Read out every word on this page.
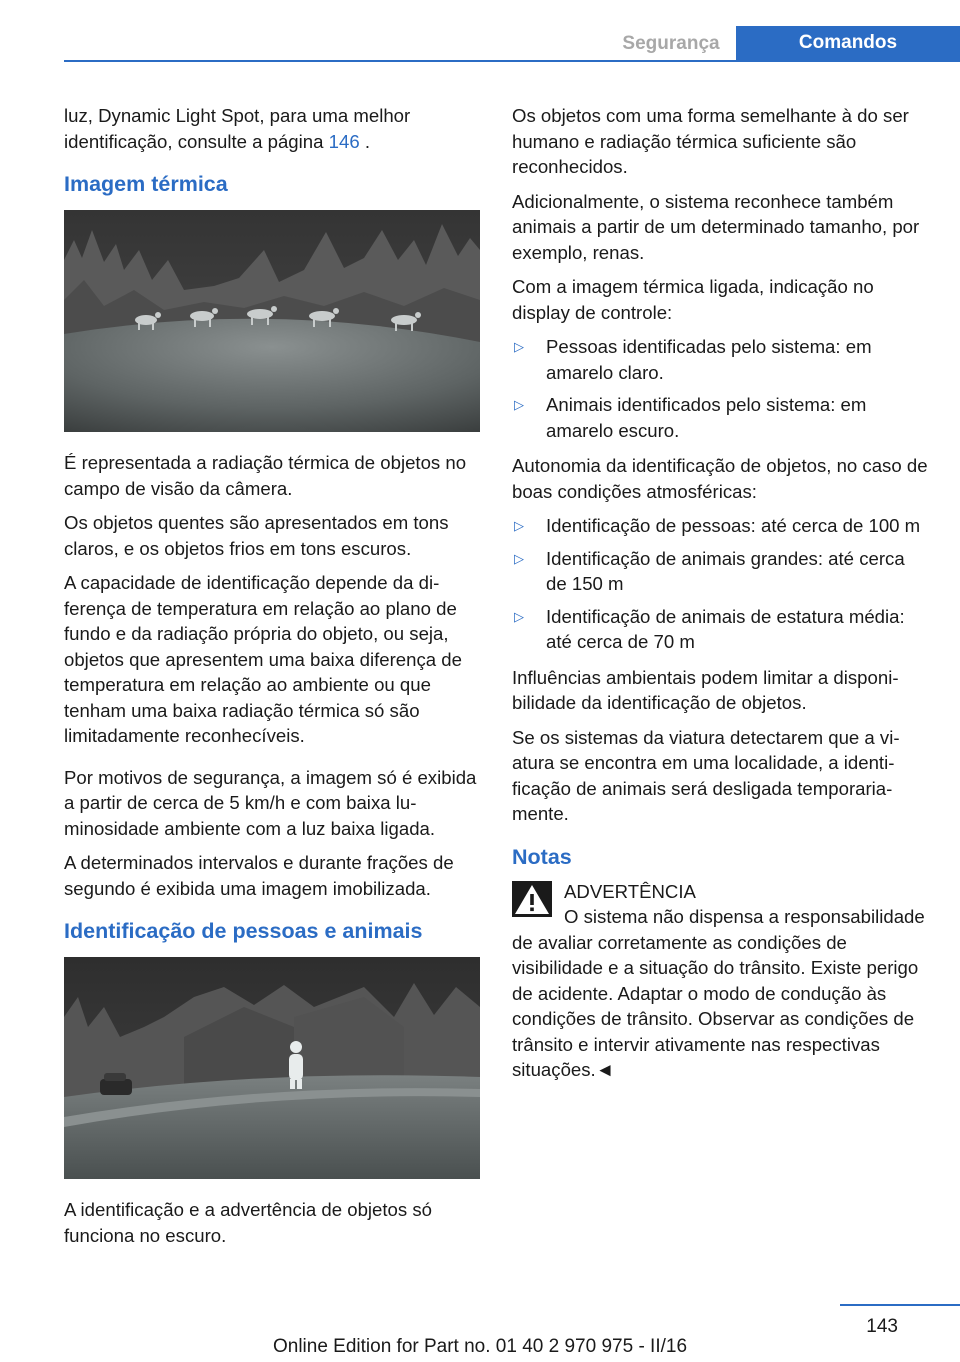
Segurança	Comandos

luz, Dynamic Light Spot, para uma melhor identificação, consulte a página 146 .

Imagem térmica

É representada a radiação térmica de objetos no campo de visão da câmera.

Os objetos quentes são apresentados em tons claros, e os objetos frios em tons escuros.

A capacidade de identificação depende da diferença de temperatura em relação ao plano de fundo e da radiação própria do objeto, ou seja, objetos que apresentem uma baixa diferença de temperatura em relação ao ambiente ou que tenham uma baixa radiação térmica só são limitadamente reconhecíveis.

Por motivos de segurança, a imagem só é exibida a partir de cerca de 5 km/h e com baixa luminosidade ambiente com a luz baixa ligada.

A determinados intervalos e durante frações de segundo é exibida uma imagem imobilizada.

Identificação de pessoas e animais

A identificação e a advertência de objetos só funciona no escuro.

Os objetos com uma forma semelhante à do ser humano e radiação térmica suficiente são reconhecidos.

Adicionalmente, o sistema reconhece também animais a partir de um determinado tamanho, por exemplo, renas.

Com a imagem térmica ligada, indicação no display de controle:

▷ Pessoas identificadas pelo sistema: em amarelo claro.
▷ Animais identificados pelo sistema: em amarelo escuro.

Autonomia da identificação de objetos, no caso de boas condições atmosféricas:

▷ Identificação de pessoas: até cerca de 100 m
▷ Identificação de animais grandes: até cerca de 150 m
▷ Identificação de animais de estatura média: até cerca de 70 m

Influências ambientais podem limitar a disponibilidade da identificação de objetos.

Se os sistemas da viatura detectarem que a viatura se encontra em uma localidade, a identificação de animais será desligada temporariamente.

Notas
ADVERTÊNCIA
O sistema não dispensa a responsabilidade de avaliar corretamente as condições de visibilidade e a situação do trânsito. Existe perigo de acidente. Adaptar o modo de condução às condições de trânsito. Observar as condições de trânsito e intervir ativamente nas respectivas situações.◄
143
Online Edition for Part no. 01 40 2 970 975 - II/16
